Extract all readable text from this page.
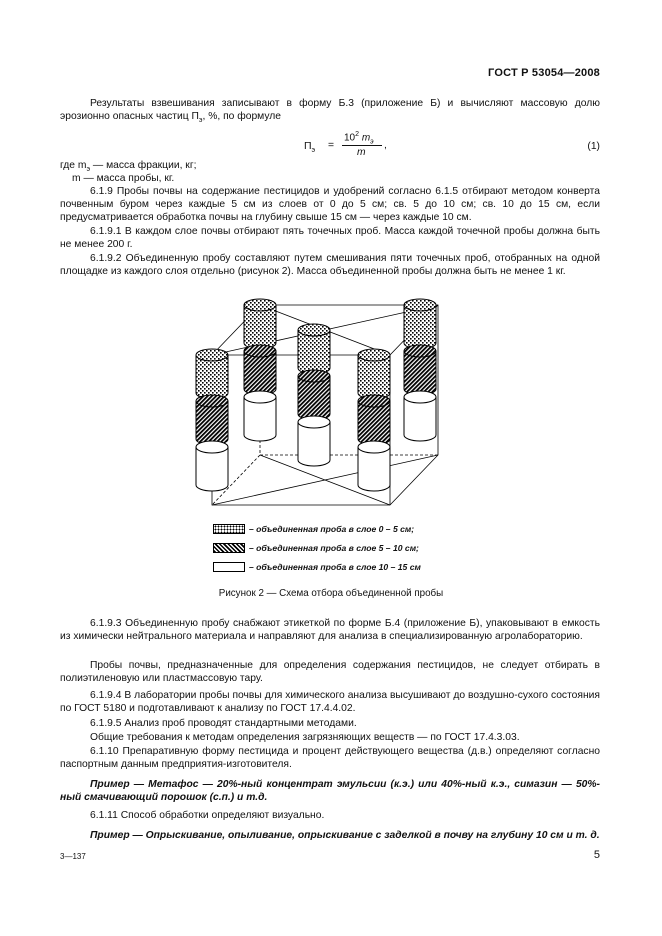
ГОСТ Р 53054—2008
Результаты взвешивания записывают в форму Б.3 (приложение Б) и вычисляют массовую долю эрозионно опасных частиц $П_э$, %, по формуле
$П_э$ =
$10^2$ $m_э$
m
,	(1)
где $m_э$ — масса фракции, кг;
m — масса пробы, кг.
6.1.9 Пробы почвы на содержание пестицидов и удобрений согласно 6.1.5 отбирают методом конверта почвенным буром через каждые 5 см из слоев от 0 до 5 см; св. 5 до 10 см; св. 10 до 15 см, если предусматривается обработка почвы на глубину свыше 15 см — через каждые 10 см.
6.1.9.1 В каждом слое почвы отбирают пять точечных проб. Масса каждой точечной пробы должна быть не менее 200 г.
6.1.9.2 Объединенную пробу составляют путем смешивания пяти точечных проб, отобранных на одной площадке из каждого слоя отдельно (рисунок 2). Масса объединенной пробы должна быть не менее 1 кг.
– объединенная проба в слое 0 – 5 см;
– объединенная проба в слое 5 – 10 см;
– объединенная проба в слое 10 – 15 см
Рисунок 2 — Схема отбора объединенной пробы
6.1.9.3 Объединенную пробу снабжают этикеткой по форме Б.4 (приложение Б), упаковывают в емкость из химически нейтрального материала и направляют для анализа в специализированную агролабораторию.
Пробы почвы, предназначенные для определения содержания пестицидов, не следует отбирать в полиэтиленовую или пластмассовую тару.
6.1.9.4 В лаборатории пробы почвы для химического анализа высушивают до воздушно-сухого состояния по ГОСТ 5180 и подготавливают к анализу по ГОСТ 17.4.4.02.
6.1.9.5 Анализ проб проводят стандартными методами.
Общие требования к методам определения загрязняющих веществ — по ГОСТ 17.4.3.03.
6.1.10 Препаративную форму пестицида и процент действующего вещества (д.в.) определяют согласно паспортным данным предприятия-изготовителя.
Пример — Метафос — 20%-ный концентрат эмульсии (к.э.) или 40%-ный к.э., симазин — 50%-ный смачивающий порошок (с.п.) и т.д.
6.1.11 Способ обработки определяют визуально.
Пример — Опрыскивание, опыливание, опрыскивание с заделкой в почву на глубину 10 см и т. д.
3—137	5
